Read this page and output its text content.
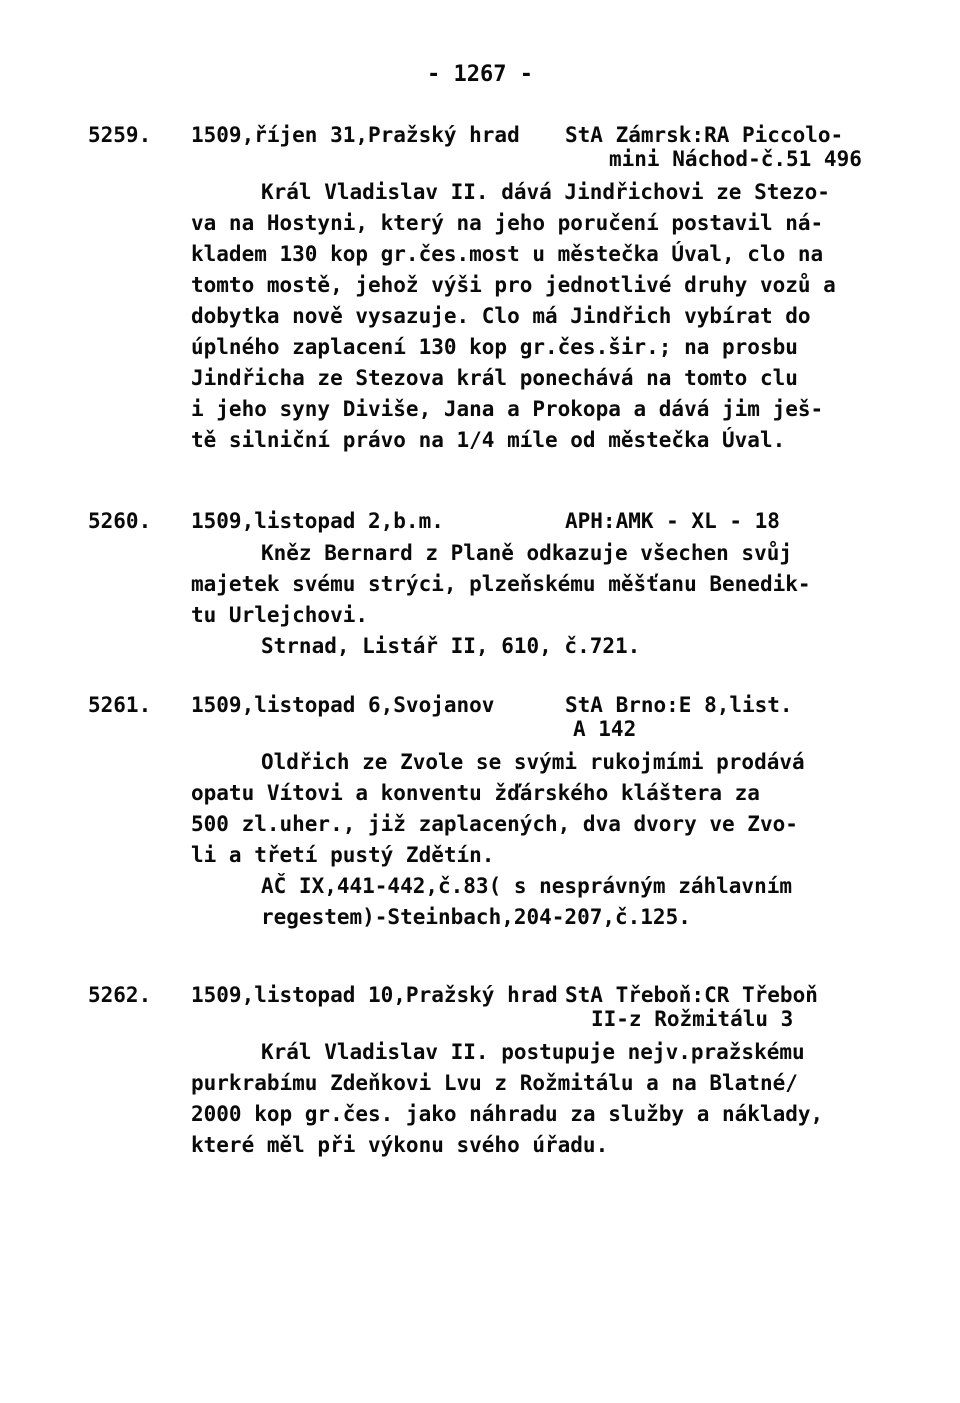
- 1267 -
5259. 1509,říjen 31,Pražský hrad StA Zámrsk:RA Piccolo-
mini Náchod-č.51 496
Král Vladislav II. dává Jindřichovi ze Stezo-
va na Hostyni, který na jeho poručení postavil ná-
kladem 130 kop gr.čes.most u městečka Úval, clo na
tomto mostě, jehož výši pro jednotlivé druhy vozů a
dobytka nově vysazuje. Clo má Jindřich vybírat do
úplného zaplacení 130 kop gr.čes.šir.; na prosbu
Jindřicha ze Stezova král ponechává na tomto clu
i jeho syny Diviše, Jana a Prokopa a dává jim ješ-
tě silniční právo na 1/4 míle od městečka Úval.
5260. 1509,listopad 2,b.m.	APH:AMK - XL - 18
Kněz Bernard z Planě odkazuje všechen svůj
majetek svému strýci, plzeňskému měšťanu Benedik-
tu Urlejchovi.
Strnad, Listář II, 610, č.721.
5261. 1509,listopad 6,Svojanov	StA Brno:E 8,list.
A 142
Oldřich ze Zvole se svými rukojmími prodává
opatu Vítovi a konventu žďárského kláštera za
500 zl.uher., již zaplacených, dva dvory ve Zvo-
li a třetí pustý Zdětín.
AČ IX,441-442,č.83( s nesprávným záhlavním
regestem)-Steinbach,204-207,č.125.
5262. 1509,listopad 10,Pražský hrad StA Třeboň:CR Třeboň
II-z Rožmitálu 3
Král Vladislav II. postupuje nejv.pražskému
purkrabímu Zdeňkovi Lvu z Rožmitálu a na Blatné/
2000 kop gr.čes. jako náhradu za služby a náklady,
které měl při výkonu svého úřadu.
